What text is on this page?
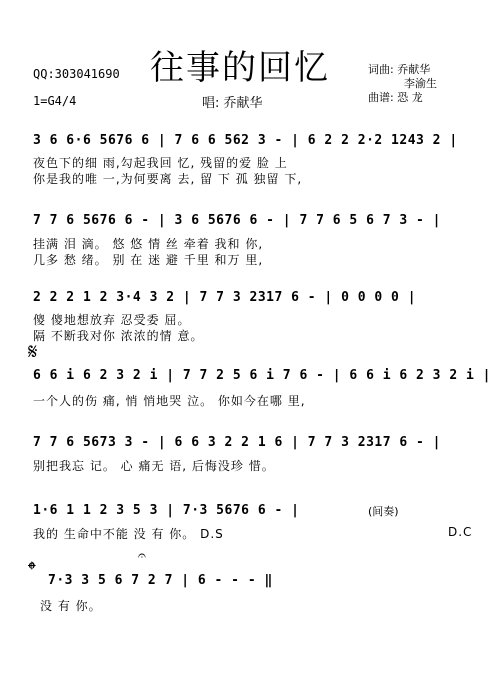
往事的回忆
QQ:303041690
1=G4/4	唱: 乔献华
词曲: 乔献华
李渝生
曲谱: 恐 龙
3 6 6·6 5676 6 | 7 6 6 562 3 - | 6 2 2 2·2 1243 2 |
夜色下的细 雨,勾起我回 忆, 残留的爱 脸 上
你是我的唯 一,为何要离 去, 留 下 孤 独留 下,
7 7 6 5676 6 - | 3 6 5676 6 - | 7 7 6 5 6 7 3 - |
挂满 泪 滴。 悠 悠 情 丝 牵着 我和 你,
几多 愁 绪。 别 在 迷 避 千里 和万 里,
2 2 2 1 2 3·4 3 2 | 7 7 3 2317 6 - | 0 0 0 0 |
傻 傻地想放弃 忍受委 屈。
隔 不断我对你 浓浓的情 意。
𝄋
6 6 i 6 2 3 2 i | 7 7 2 5 6 i 7 6 - | 6 6 i 6 2 3 2 i |
一个人的伤 痛, 悄 悄地哭 泣。 你如今在哪 里,
7 7 6 5673 3 - | 6 6 3 2 2 1 6 | 7 7 3 2317 6 - |
别把我忘 记。 心 痛无 语, 后悔没珍 惜。
1·6 1 1 2 3 5 3 | 7·3 5676 6 - |
我的 生命中不能 没 有 你。 D.S
(间奏)
D.C
𝄌
𝄐
7·3 3 5 6 7 2 7 | 6 - - - ‖
没 有 你。
